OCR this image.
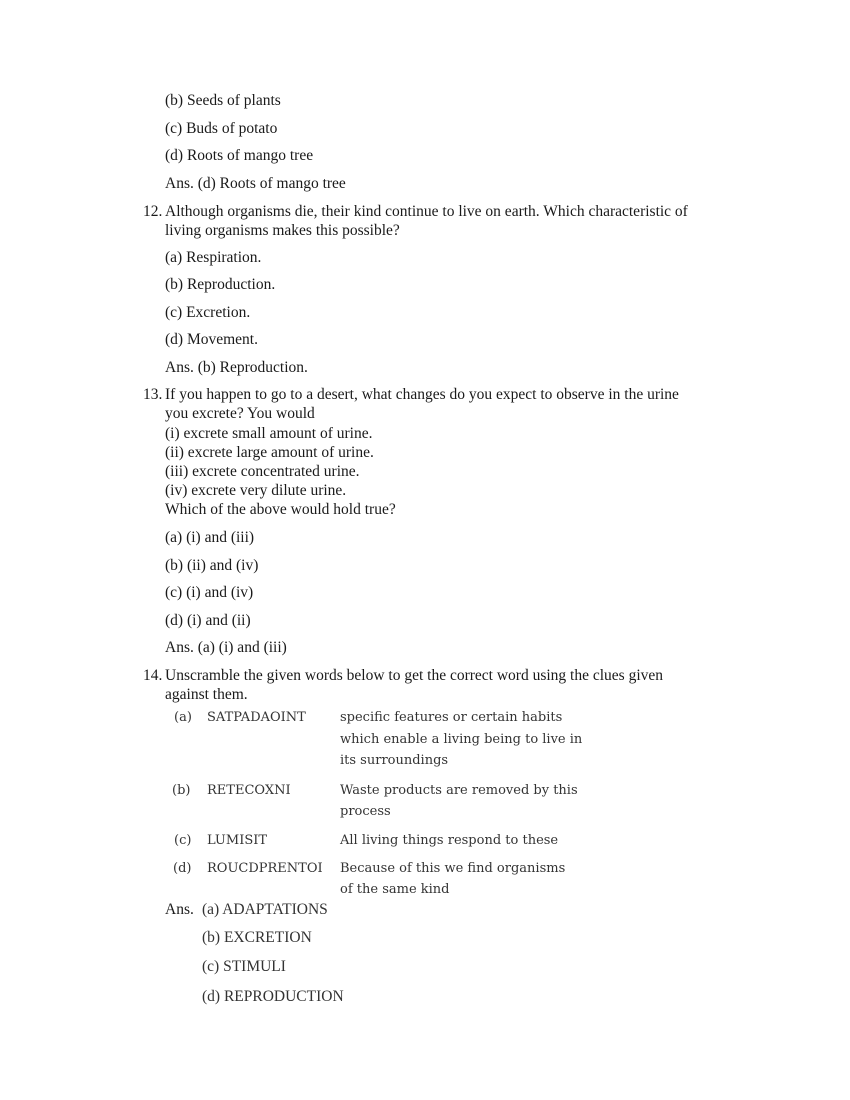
(b) Seeds of plants
(c) Buds of potato
(d) Roots of mango tree
Ans. (d) Roots of mango tree
12. Although organisms die, their kind continue to live on earth. Which characteristic of
living organisms makes this possible?
(a) Respiration.
(b) Reproduction.
(c) Excretion.
(d) Movement.
Ans. (b) Reproduction.
13. If you happen to go to a desert, what changes do you expect to observe in the urine
you excrete? You would
(i) excrete small amount of urine.
(ii) excrete large amount of urine.
(iii) excrete concentrated urine.
(iv) excrete very dilute urine.
Which of the above would hold true?
(a) (i) and (iii)
(b) (ii) and (iv)
(c) (i) and (iv)
(d) (i) and (ii)
Ans. (a) (i) and (iii)
14. Unscramble the given words below to get the correct word using the clues given
against them.
(a) SATPADAOINT	specific features or certain habits
which enable a living being to live in
its surroundings
(b) RETECOXNI	Waste products are removed by this
process
(c) LUMISIT	All living things respond to these
(d) ROUCDPRENTOI Because of this we find organisms
of the same kind
Ans. (a) ADAPTATIONS
(b) EXCRETION
(c) STIMULI
(d) REPRODUCTION
